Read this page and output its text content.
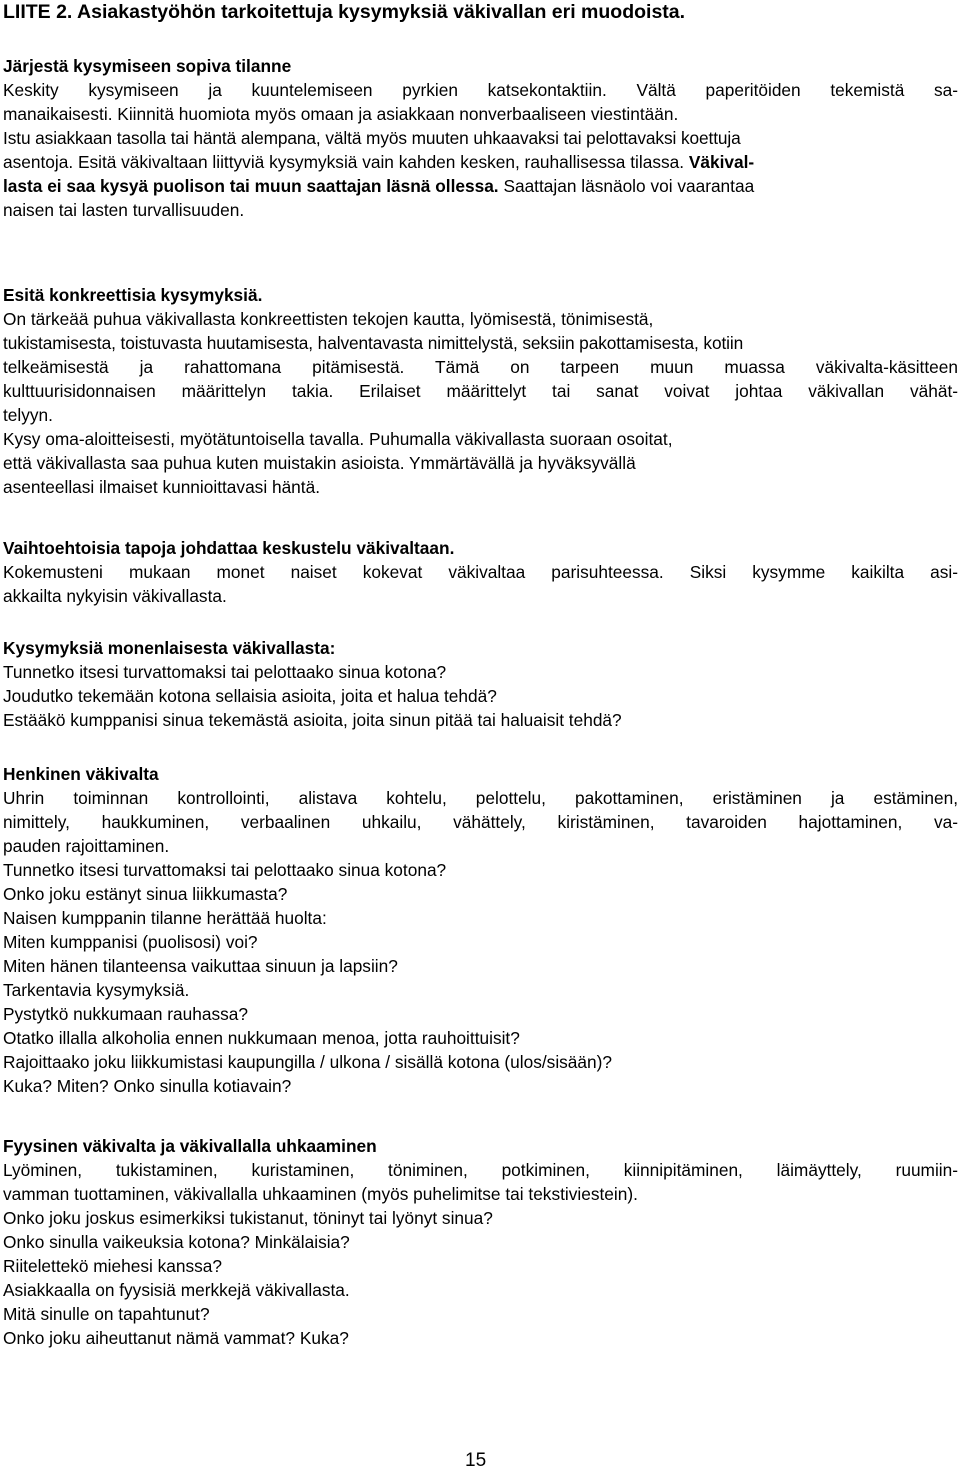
LIITE 2. Asiakastyöhön tarkoitettuja kysymyksiä väkivallan eri muodoista.
Järjestä kysymiseen sopiva tilanne
Keskity kysymiseen ja kuuntelemiseen pyrkien katsekontaktiin. Vältä paperitöiden tekemistä sa-
manaikaisesti. Kiinnitä huomiota myös omaan ja asiakkaan nonverbaaliseen viestintään.
Istu asiakkaan tasolla tai häntä alempana, vältä myös muuten uhkaavaksi tai pelottavaksi koettuja
asentoja. Esitä väkivaltaan liittyviä kysymyksiä vain kahden kesken, rauhallisessa tilassa. Väkival-
lasta ei saa kysyä puolison tai muun saattajan läsnä ollessa. Saattajan läsnäolo voi vaarantaa
naisen tai lasten turvallisuuden.
Esitä konkreettisia kysymyksiä.
On tärkeää puhua väkivallasta konkreettisten tekojen kautta, lyömisestä, tönimisestä,
tukistamisesta, toistuvasta huutamisesta, halventavasta nimittelystä, seksiin pakottamisesta, kotiin
telkeämisestä ja rahattomana pitämisestä. Tämä on tarpeen muun muassa väkivalta-käsitteen
kulttuurisidonnaisen määrittelyn takia. Erilaiset määrittelyt tai sanat voivat johtaa väkivallan vähät-
telyyn.
Kysy oma-aloitteisesti, myötätuntoisella tavalla. Puhumalla väkivallasta suoraan osoitat,
että väkivallasta saa puhua kuten muistakin asioista. Ymmärtävällä ja hyväksyvällä
asenteellasi ilmaiset kunnioittavasi häntä.
Vaihtoehtoisia tapoja johdattaa keskustelu väkivaltaan.
Kokemusteni mukaan monet naiset kokevat väkivaltaa parisuhteessa. Siksi kysymme kaikilta asi-
akkailta nykyisin väkivallasta.
Kysymyksiä monenlaisesta väkivallasta:
Tunnetko itsesi turvattomaksi tai pelottaako sinua kotona?
Joudutko tekemään kotona sellaisia asioita, joita et halua tehdä?
Estääkö kumppanisi sinua tekemästä asioita, joita sinun pitää tai haluaisit tehdä?
Henkinen väkivalta
Uhrin toiminnan kontrollointi, alistava kohtelu, pelottelu, pakottaminen, eristäminen ja estäminen,
nimittely, haukkuminen, verbaalinen uhkailu, vähättely, kiristäminen, tavaroiden hajottaminen, va-
pauden rajoittaminen.
Tunnetko itsesi turvattomaksi tai pelottaako sinua kotona?
Onko joku estänyt sinua liikkumasta?
Naisen kumppanin tilanne herättää huolta:
Miten kumppanisi (puolisosi) voi?
Miten hänen tilanteensa vaikuttaa sinuun ja lapsiin?
Tarkentavia kysymyksiä.
Pystytkö nukkumaan rauhassa?
Otatko illalla alkoholia ennen nukkumaan menoa, jotta rauhoittuisit?
Rajoittaako joku liikkumistasi kaupungilla / ulkona / sisällä kotona (ulos/sisään)?
Kuka? Miten? Onko sinulla kotiavain?
Fyysinen väkivalta ja väkivallalla uhkaaminen
Lyöminen, tukistaminen, kuristaminen, töniminen, potkiminen, kiinnipitäminen, läimäyttely, ruumiin-
vamman tuottaminen, väkivallalla uhkaaminen (myös puhelimitse tai tekstiviestein).
Onko joku joskus esimerkiksi tukistanut, töninyt tai lyönyt sinua?
Onko sinulla vaikeuksia kotona? Minkälaisia?
Riitelettekö miehesi kanssa?
Asiakkaalla on fyysisiä merkkejä väkivallasta.
Mitä sinulle on tapahtunut?
Onko joku aiheuttanut nämä vammat? Kuka?
15
